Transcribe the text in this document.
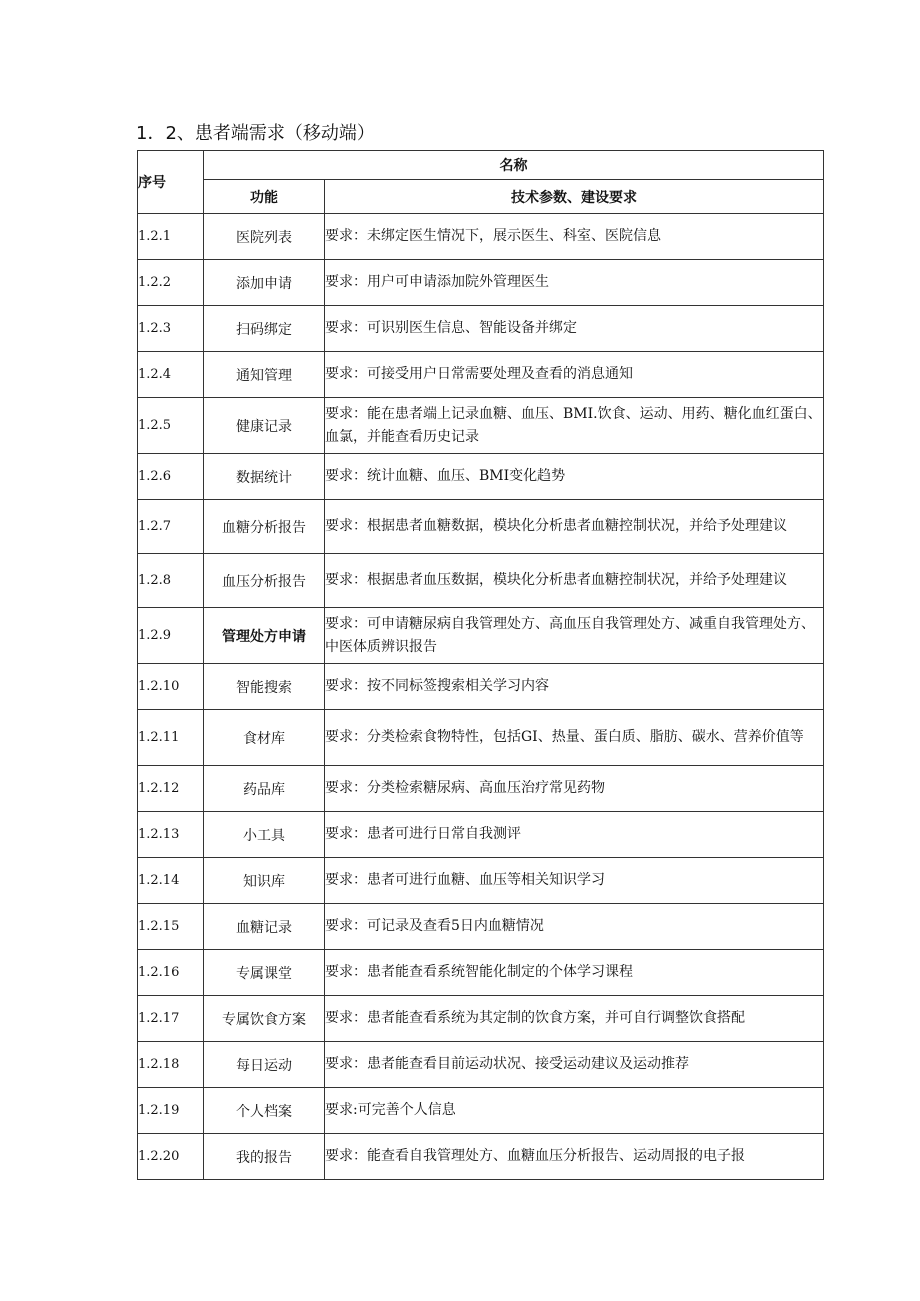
1．2、患者端需求（移动端）
序号	名称	
	功能	技术参数、建设要求
1.2.1	医院列表	要求：未绑定医生情况下，展示医生、科室、医院信息
1.2.2	添加申请	要求：用户可申请添加院外管理医生
1.2.3	扫码绑定	要求：可识别医生信息、智能设备并绑定
1.2.4	通知管理	要求：可接受用户日常需要处理及查看的消息通知
1.2.5	健康记录	要求：能在患者端上记录血糖、血压、BMI.饮食、运动、用药、糖化血红蛋白、血氯，并能查看历史记录
1.2.6	数据统计	要求：统计血糖、血压、BMI变化趋势
1.2.7	血糖分析报告	要求：根据患者血糖数据，模块化分析患者血糖控制状况，并给予处理建议
1.2.8	血压分析报告	要求：根据患者血压数据，模块化分析患者血糖控制状况，并给予处理建议
1.2.9	管理处方申请	要求：可申请糖尿病自我管理处方、高血压自我管理处方、减重自我管理处方、中医体质辨识报告
1.2.10	智能搜索	要求：按不同标签搜索相关学习内容
1.2.11	食材库	要求：分类检索食物特性，包括GI、热量、蛋白质、脂肪、碳水、营养价值等
1.2.12	药品库	要求：分类检索糖尿病、高血压治疗常见药物
1.2.13	小工具	要求：患者可进行日常自我测评
1.2.14	知识库	要求：患者可进行血糖、血压等相关知识学习
1.2.15	血糖记录	要求：可记录及查看5日内血糖情况
1.2.16	专属课堂	要求：患者能查看系统智能化制定的个体学习课程
1.2.17	专属饮食方案	要求：患者能查看系统为其定制的饮食方案，并可自行调整饮食搭配
1.2.18	每日运动	要求：患者能查看目前运动状况、接受运动建议及运动推荐
1.2.19	个人档案	要求:可完善个人信息
1.2.20	我的报告	要求：能查看自我管理处方、血糖血压分析报告、运动周报的电子报
